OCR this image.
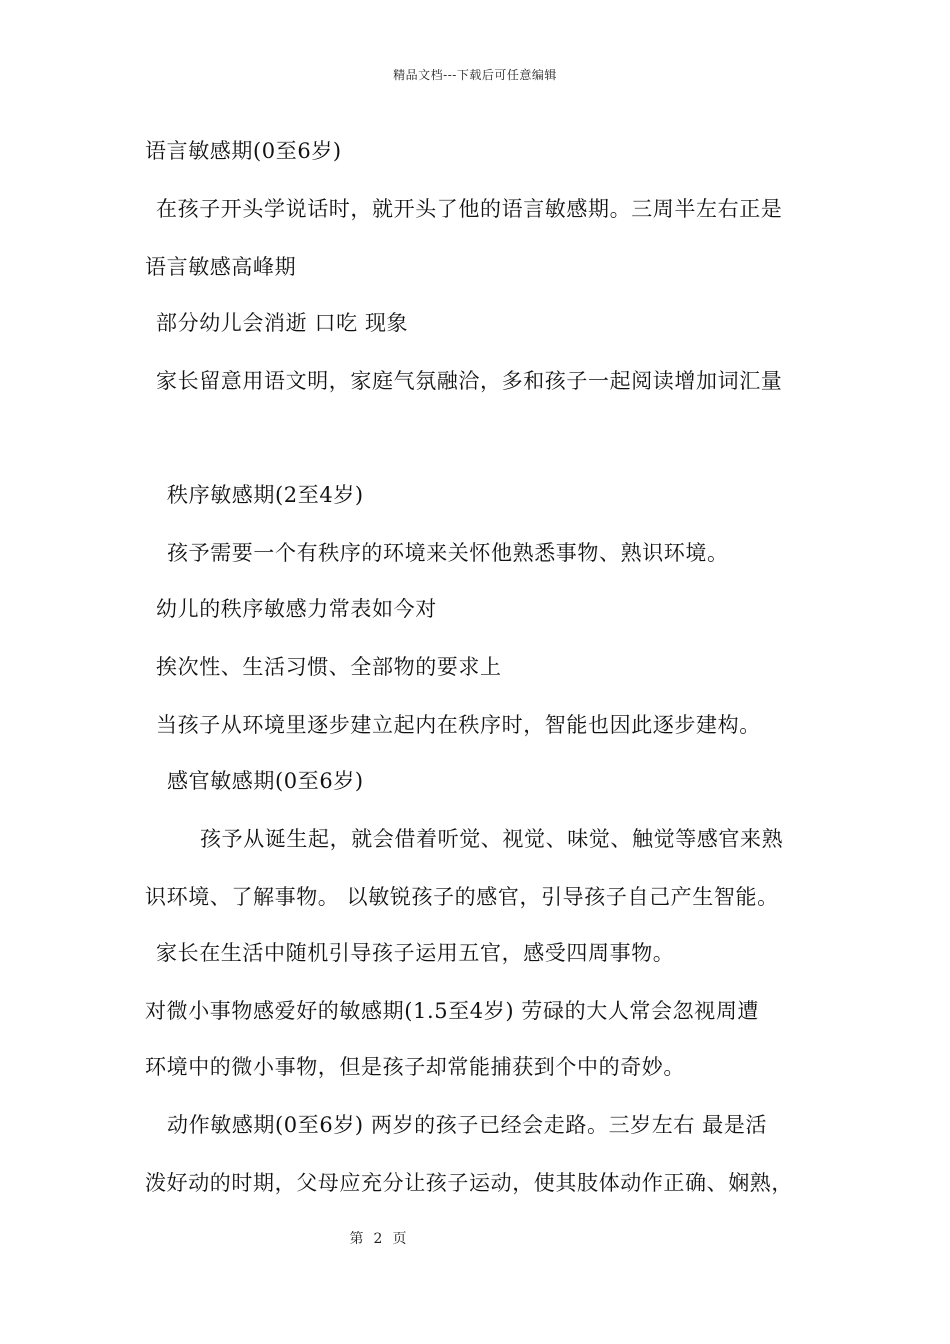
精品文档---下载后可任意编辑
语言敏感期(0至6岁)
在孩子开头学说话时，就开头了他的语言敏感期。三周半左右正是
语言敏感高峰期
部分幼儿会消逝 口吃 现象
家长留意用语文明，家庭气氛融洽，多和孩子一起阅读增加词汇量
秩序敏感期(2至4岁)
孩予需要一个有秩序的环境来关怀他熟悉事物、熟识环境。
幼儿的秩序敏感力常表如今对
挨次性、生活习惯、全部物的要求上
当孩子从环境里逐步建立起内在秩序时，智能也因此逐步建构。
感官敏感期(0至6岁)
孩予从诞生起，就会借着听觉、视觉、味觉、触觉等感官来熟
识环境、了解事物。 以敏锐孩子的感官，引导孩子自己产生智能。
家长在生活中随机引导孩子运用五官，感受四周事物。
对微小事物感爱好的敏感期(1.5至4岁) 劳碌的大人常会忽视周遭
环境中的微小事物，但是孩子却常能捕获到个中的奇妙。
动作敏感期(0至6岁) 两岁的孩子已经会走路。三岁左右 最是活
泼好动的时期，父母应充分让孩子运动，使其肢体动作正确、娴熟，
第 2 页
